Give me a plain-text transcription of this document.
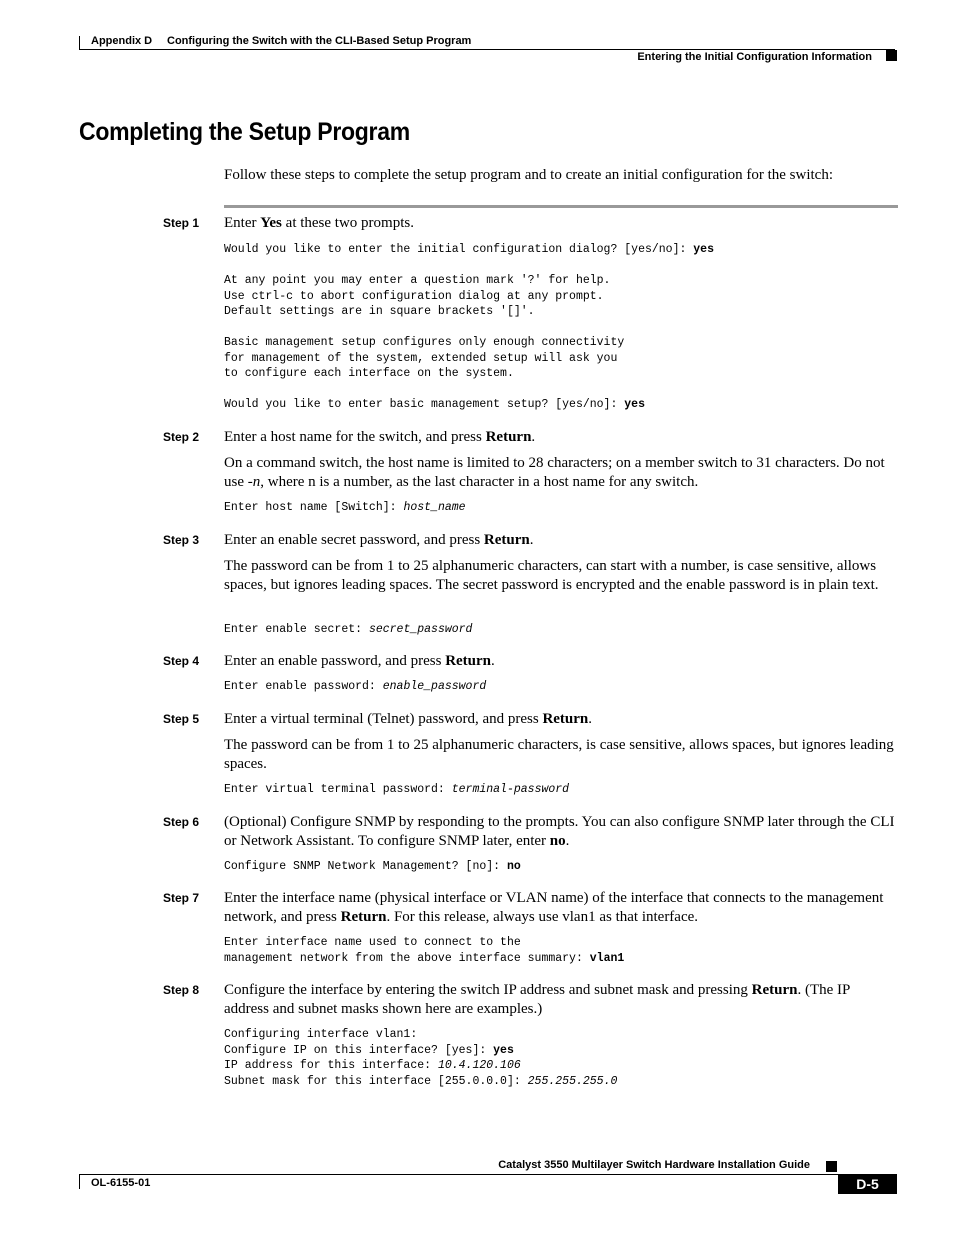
Appendix D Configuring the Switch with the CLI-Based Setup Program
Entering the Initial Configuration Information
Completing the Setup Program
Follow these steps to complete the setup program and to create an initial configuration for the switch:
Step 1 Enter Yes at these two prompts.
Would you like to enter the initial configuration dialog? [yes/no]: yes
At any point you may enter a question mark '?' for help.
Use ctrl-c to abort configuration dialog at any prompt.
Default settings are in square brackets '[]'.
Basic management setup configures only enough connectivity
for management of the system, extended setup will ask you
to configure each interface on the system.
Would you like to enter basic management setup? [yes/no]: yes
Step 2 Enter a host name for the switch, and press Return.
On a command switch, the host name is limited to 28 characters; on a member switch to 31 characters. Do not use -n, where n is a number, as the last character in a host name for any switch.
Enter host name [Switch]: host_name
Step 3 Enter an enable secret password, and press Return.
The password can be from 1 to 25 alphanumeric characters, can start with a number, is case sensitive, allows spaces, but ignores leading spaces. The secret password is encrypted and the enable password is in plain text.
Enter enable secret: secret_password
Step 4 Enter an enable password, and press Return.
Enter enable password: enable_password
Step 5 Enter a virtual terminal (Telnet) password, and press Return.
The password can be from 1 to 25 alphanumeric characters, is case sensitive, allows spaces, but ignores leading spaces.
Enter virtual terminal password: terminal-password
Step 6 (Optional) Configure SNMP by responding to the prompts. You can also configure SNMP later through the CLI or Network Assistant. To configure SNMP later, enter no.
Configure SNMP Network Management? [no]: no
Step 7 Enter the interface name (physical interface or VLAN name) of the interface that connects to the management network, and press Return. For this release, always use vlan1 as that interface.
Enter interface name used to connect to the
management network from the above interface summary: vlan1
Step 8 Configure the interface by entering the switch IP address and subnet mask and pressing Return. (The IP address and subnet masks shown here are examples.)
Configuring interface vlan1:
Configure IP on this interface? [yes]: yes
IP address for this interface: 10.4.120.106
Subnet mask for this interface [255.0.0.0]: 255.255.255.0
Catalyst 3550 Multilayer Switch Hardware Installation Guide
OL-6155-01	D-5
